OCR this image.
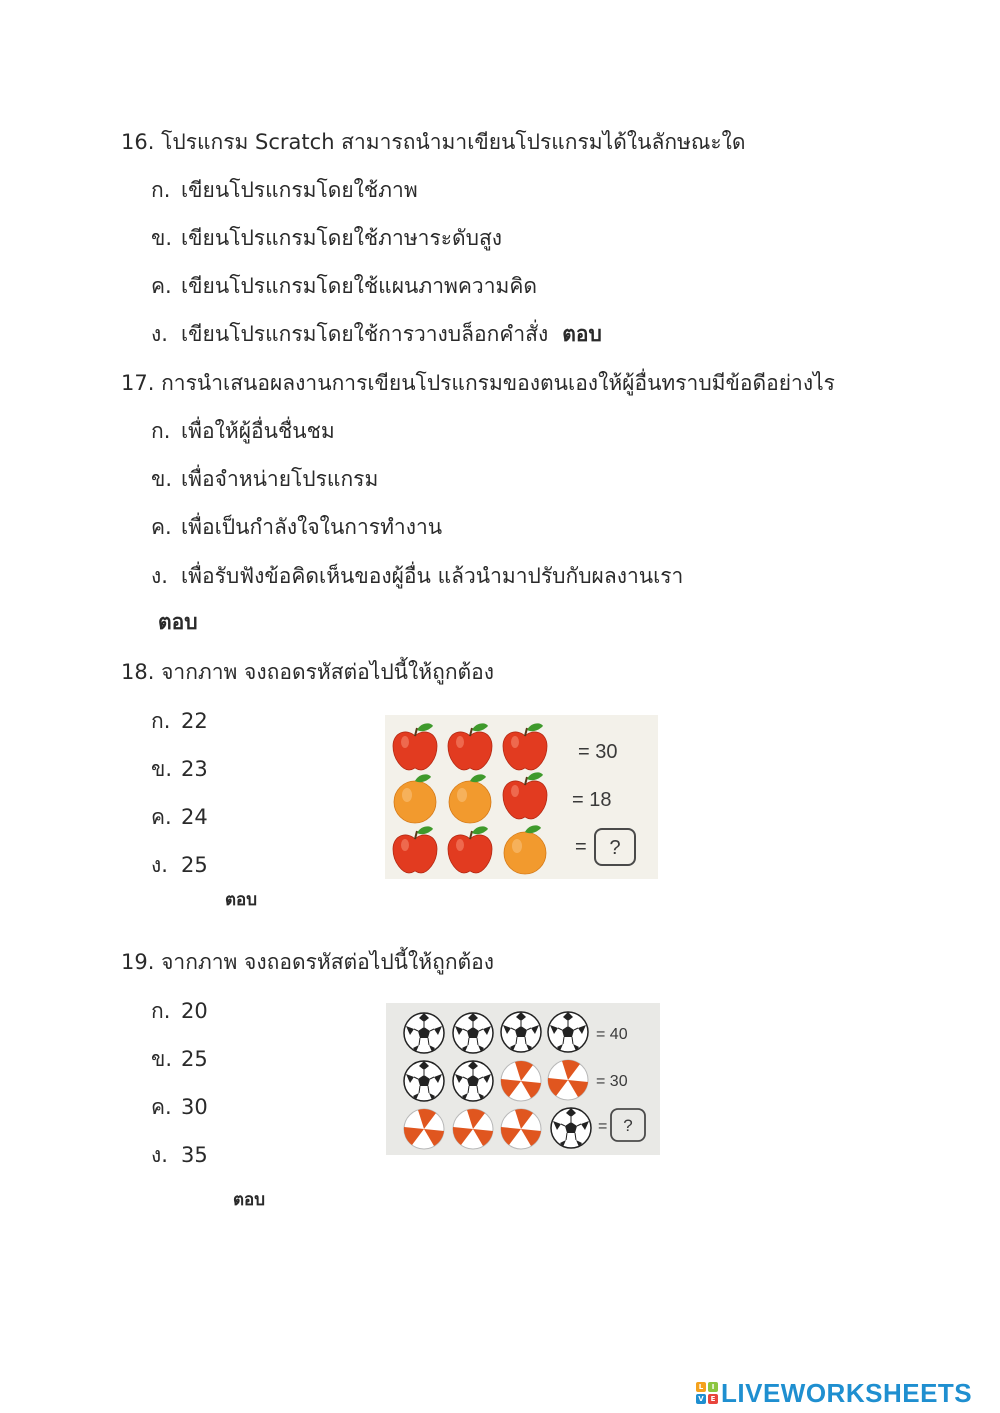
16. โปรแกรม Scratch สามารถนำมาเขียนโปรแกรมได้ในลักษณะใด
ก. เขียนโปรแกรมโดยใช้ภาพ
ข. เขียนโปรแกรมโดยใช้ภาษาระดับสูง
ค. เขียนโปรแกรมโดยใช้แผนภาพความคิด
ง. เขียนโปรแกรมโดยใช้การวางบล็อกคำสั่ง ตอบ
17. การนำเสนอผลงานการเขียนโปรแกรมของตนเองให้ผู้อื่นทราบมีข้อดีอย่างไร
ก. เพื่อให้ผู้อื่นชื่นชม
ข. เพื่อจำหน่ายโปรแกรม
ค. เพื่อเป็นกำลังใจในการทำงาน
ง. เพื่อรับฟังข้อคิดเห็นของผู้อื่น แล้วนำมาปรับกับผลงานเรา
ตอบ
18. จากภาพ จงถอดรหัสต่อไปนี้ให้ถูกต้อง
ก. 22
ข. 23
ค. 24
ง. 25
ตอบ
= 30
= 18
= ?
19. จากภาพ จงถอดรหัสต่อไปนี้ให้ถูกต้อง
ก. 20
ข. 25
ค. 30
ง. 35
ตอบ
= 40
= 30
= ?
L	I
V E LIVEWORKSHEETS
